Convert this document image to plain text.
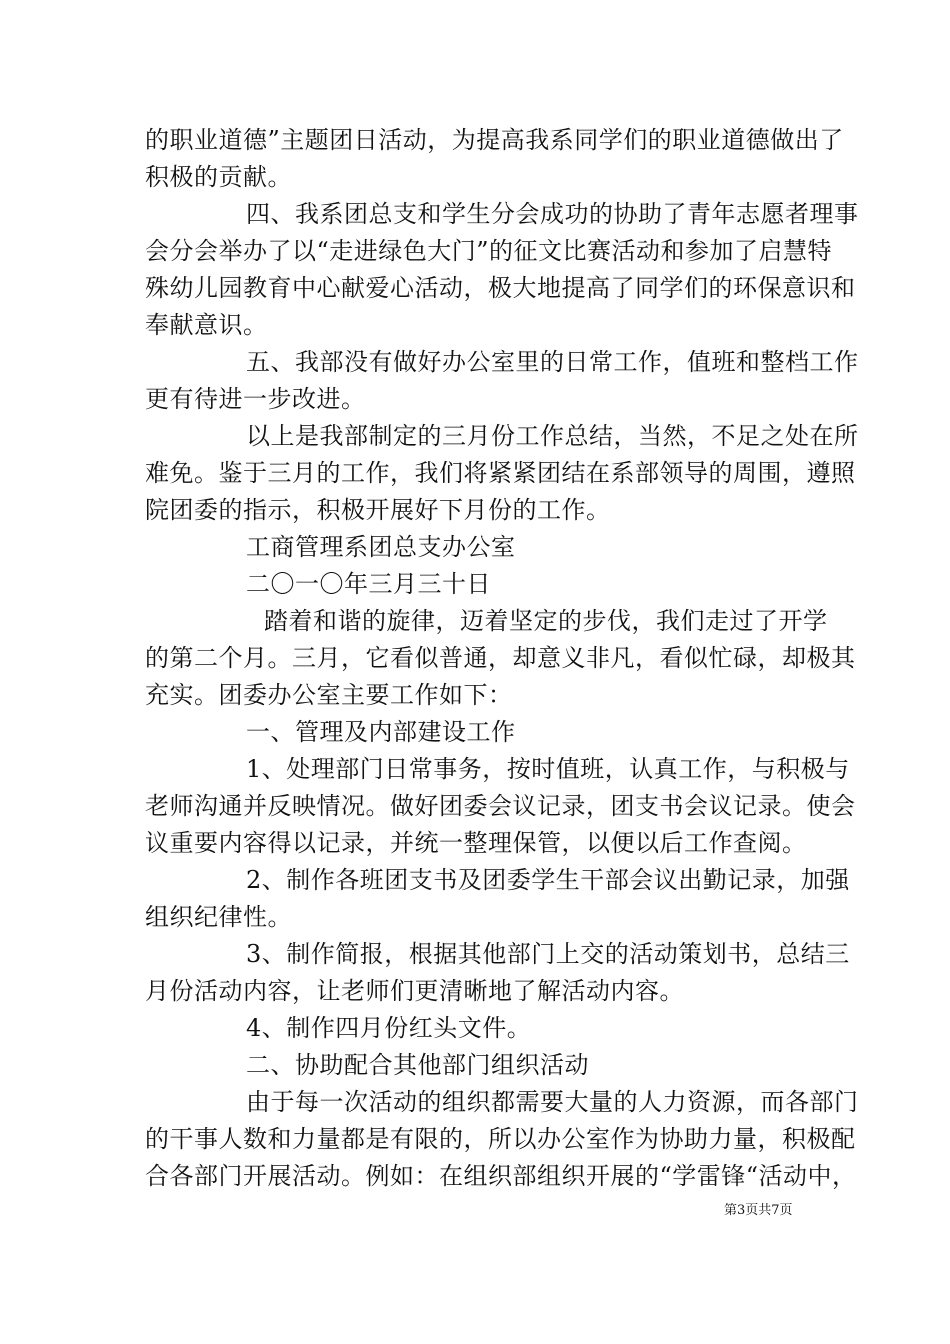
的职业道德”主题团日活动，为提高我系同学们的职业道德做出了
积极的贡献。
四、我系团总支和学生分会成功的协助了青年志愿者理事
会分会举办了以“走进绿色大门”的征文比赛活动和参加了启慧特
殊幼儿园教育中心献爱心活动，极大地提高了同学们的环保意识和
奉献意识。
五、我部没有做好办公室里的日常工作，值班和整档工作
更有待进一步改进。
以上是我部制定的三月份工作总结，当然，不足之处在所
难免。鉴于三月的工作，我们将紧紧团结在系部领导的周围，遵照
院团委的指示，积极开展好下月份的工作。
工商管理系团总支办公室
二〇一〇年三月三十日
踏着和谐的旋律，迈着坚定的步伐，我们走过了开学
的第二个月。三月，它看似普通，却意义非凡，看似忙碌，却极其
充实。团委办公室主要工作如下：
一、管理及内部建设工作
1、处理部门日常事务，按时值班，认真工作，与积极与
老师沟通并反映情况。做好团委会议记录，团支书会议记录。使会
议重要内容得以记录，并统一整理保管，以便以后工作查阅。
2、制作各班团支书及团委学生干部会议出勤记录，加强
组织纪律性。
3、制作简报，根据其他部门上交的活动策划书，总结三
月份活动内容，让老师们更清晰地了解活动内容。
4、制作四月份红头文件。
二、协助配合其他部门组织活动
由于每一次活动的组织都需要大量的人力资源，而各部门
的干事人数和力量都是有限的，所以办公室作为协助力量，积极配
合各部门开展活动。例如：在组织部组织开展的“学雷锋“活动中，
第3页共7页
